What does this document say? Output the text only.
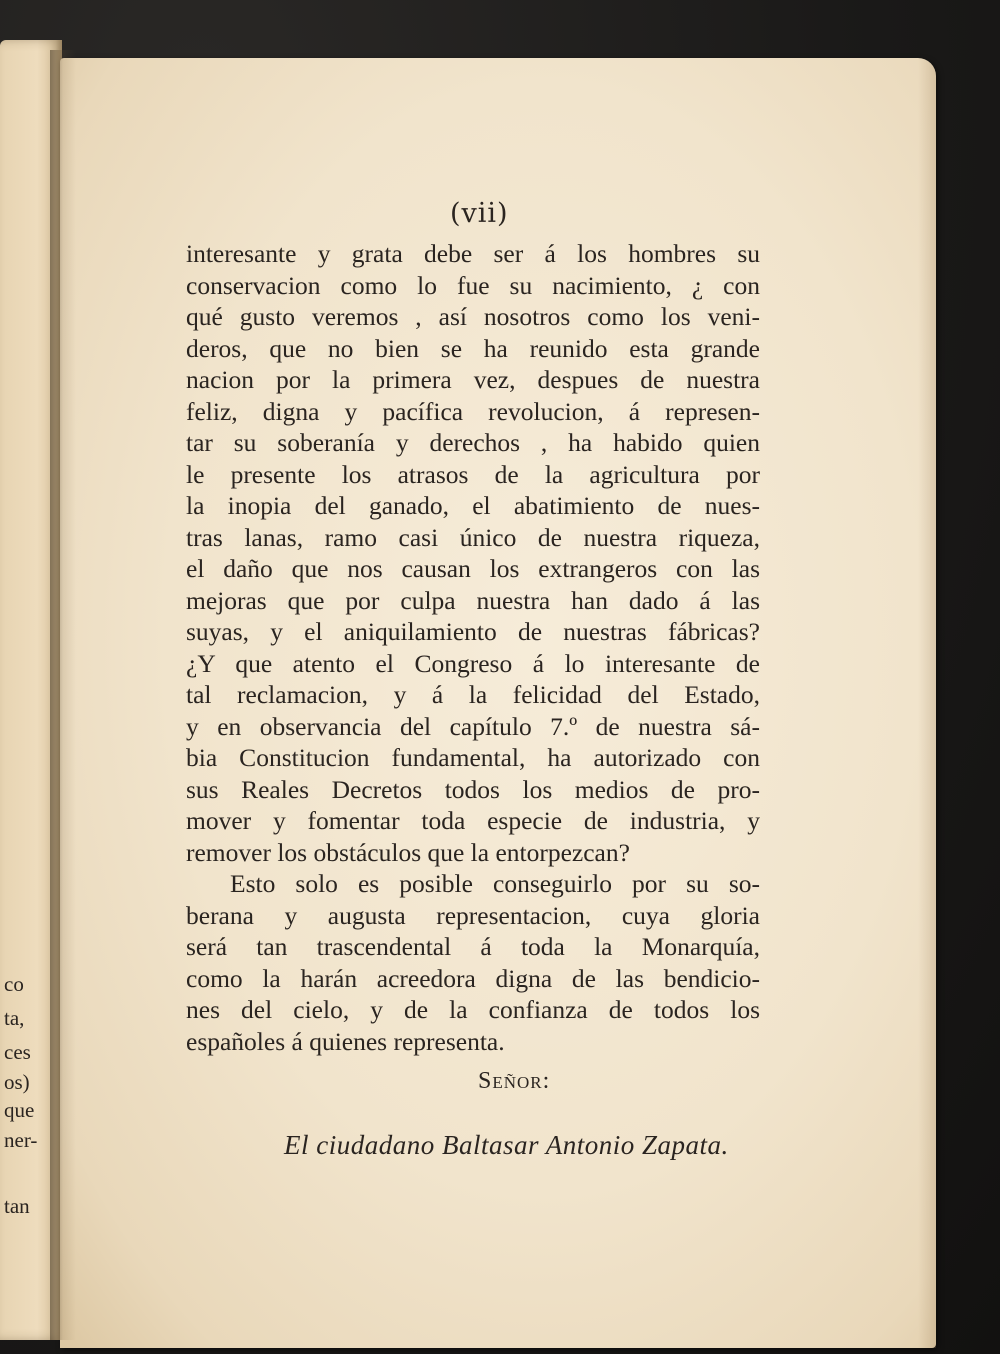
co
ta,
ces
os)
que
ner-
tan
(vii)
interesante y grata debe ser á los hombres su
conservacion como lo fue su nacimiento, ¿ con
qué gusto veremos , así nosotros como los veni-
deros, que no bien se ha reunido esta grande
nacion por la primera vez, despues de nuestra
feliz, digna y pacífica revolucion, á represen-
tar su soberanía y derechos , ha habido quien
le presente los atrasos de la agricultura por
la inopia del ganado, el abatimiento de nues-
tras lanas, ramo casi único de nuestra riqueza,
el daño que nos causan los extrangeros con las
mejoras que por culpa nuestra han dado á las
suyas, y el aniquilamiento de nuestras fábricas?
¿Y que atento el Congreso á lo interesante de
tal reclamacion, y á la felicidad del Estado,
y en observancia del capítulo 7.º de nuestra sá-
bia Constitucion fundamental, ha autorizado con
sus Reales Decretos todos los medios de pro-
mover y fomentar toda especie de industria, y
remover los obstáculos que la entorpezcan?
Esto solo es posible conseguirlo por su so-
berana y augusta representacion, cuya gloria
será tan trascendental á toda la Monarquía,
como la harán acreedora digna de las bendicio-
nes del cielo, y de la confianza de todos los
españoles á quienes representa.
Señor:
El ciudadano Baltasar Antonio Zapata.
